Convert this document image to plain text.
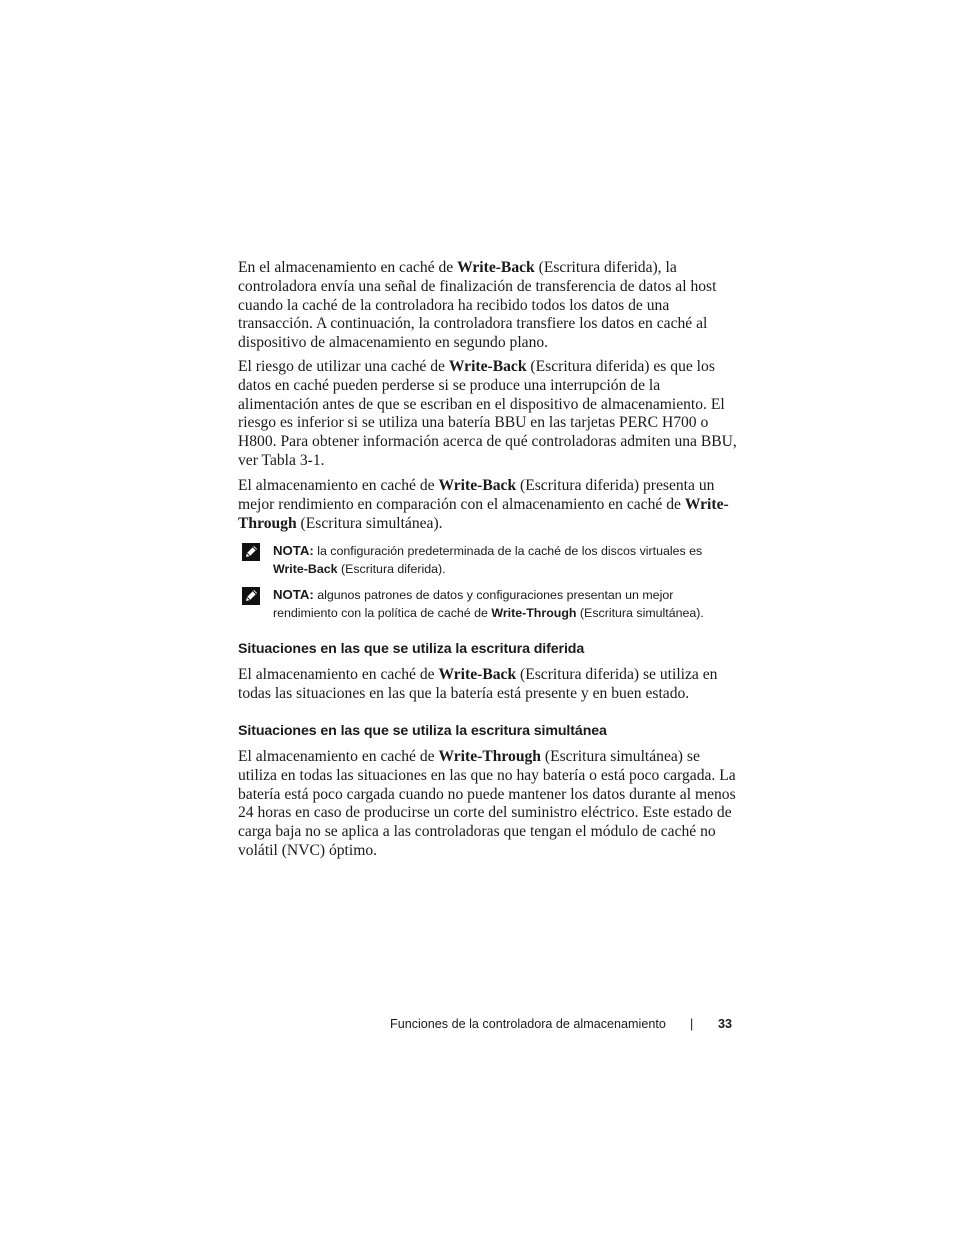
En el almacenamiento en caché de Write-Back (Escritura diferida), la controladora envía una señal de finalización de transferencia de datos al host cuando la caché de la controladora ha recibido todos los datos de una transacción. A continuación, la controladora transfiere los datos en caché al dispositivo de almacenamiento en segundo plano.

El riesgo de utilizar una caché de Write-Back (Escritura diferida) es que los datos en caché pueden perderse si se produce una interrupción de la alimentación antes de que se escriban en el dispositivo de almacenamiento. El riesgo es inferior si se utiliza una batería BBU en las tarjetas PERC H700 o H800. Para obtener información acerca de qué controladoras admiten una BBU, ver Tabla 3-1.

El almacenamiento en caché de Write-Back (Escritura diferida) presenta un mejor rendimiento en comparación con el almacenamiento en caché de Write-Through (Escritura simultánea).

NOTA: la configuración predeterminada de la caché de los discos virtuales es Write-Back (Escritura diferida).
NOTA: algunos patrones de datos y configuraciones presentan un mejor rendimiento con la política de caché de Write-Through (Escritura simultánea).
Situaciones en las que se utiliza la escritura diferida

El almacenamiento en caché de Write-Back (Escritura diferida) se utiliza en todas las situaciones en las que la batería está presente y en buen estado.

Situaciones en las que se utiliza la escritura simultánea

El almacenamiento en caché de Write-Through (Escritura simultánea) se utiliza en todas las situaciones en las que no hay batería o está poco cargada. La batería está poco cargada cuando no puede mantener los datos durante al menos 24 horas en caso de producirse un corte del suministro eléctrico. Este estado de carga baja no se aplica a las controladoras que tengan el módulo de caché no volátil (NVC) óptimo.

Funciones de la controladora de almacenamiento | 33
